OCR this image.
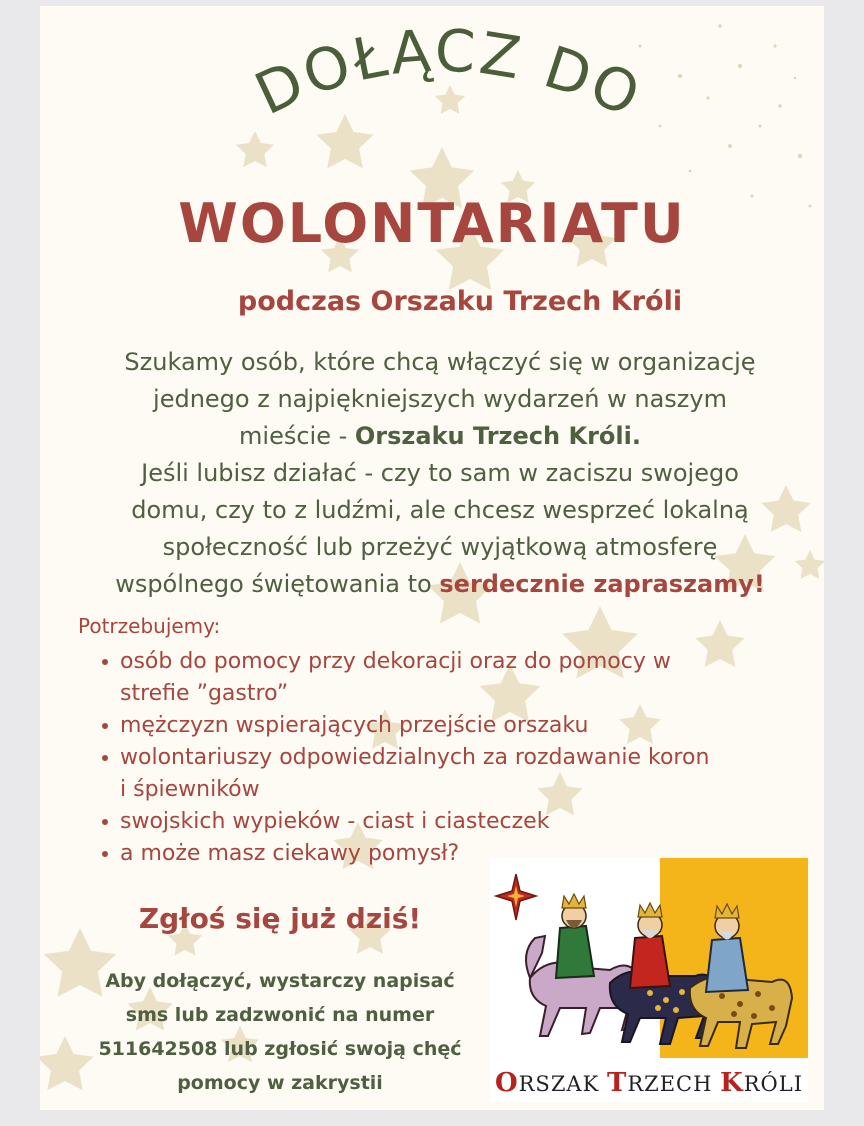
DOŁĄCZ DO
WOLONTARIATU
podczas Orszaku Trzech Króli
Szukamy osób, które chcą włączyć się w organizację
jednego z najpiękniejszych wydarzeń w naszym
mieście - Orszaku Trzech Króli.
Jeśli lubisz działać - czy to sam w zaciszu swojego
domu, czy to z ludźmi, ale chcesz wesprzeć lokalną
społeczność lub przeżyć wyjątkową atmosferę
wspólnego świętowania to serdecznie zapraszamy!
Potrzebujemy:
osób do pomocy przy dekoracji oraz do pomocy w strefie ”gastro”
mężczyzn wspierających przejście orszaku
wolontariuszy odpowiedzialnych za rozdawanie koron i śpiewników
swojskich wypieków - ciast i ciasteczek
a może masz ciekawy pomysł?
Zgłoś się już dziś!
Aby dołączyć, wystarczy napisać
sms lub zadzwonić na numer
511642508 lub zgłosić swoją chęć
pomocy w zakrystii	ORSZAK TRZECH KRÓLI
